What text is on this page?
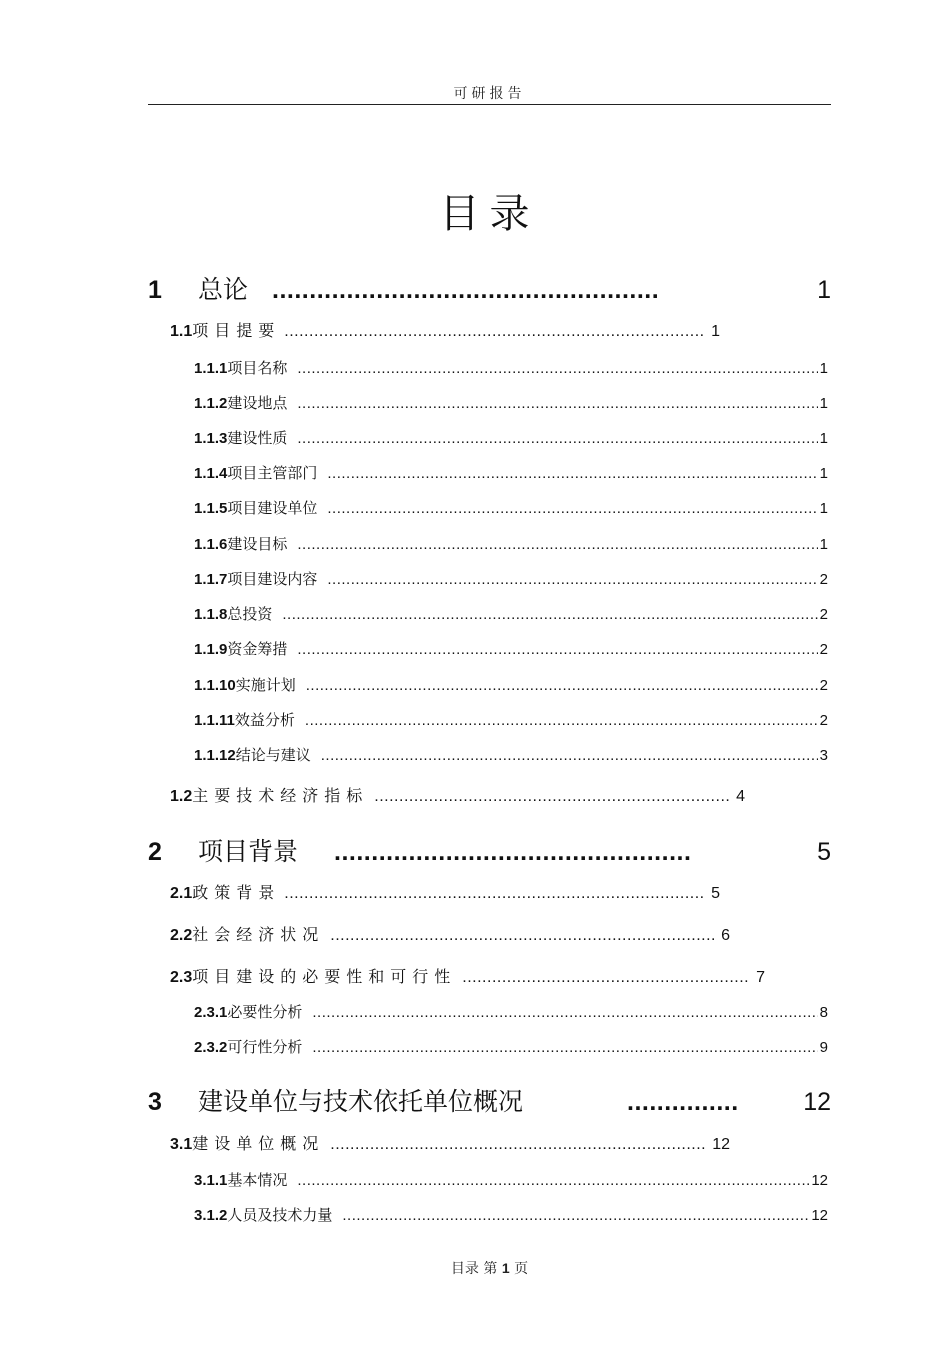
可研报告
目录
1	总论 ....................................................	1
1.1 项目提要 .....	1
1.1.1 项目名称 .....	1
1.1.2 建设地点 .....	1
1.1.3 建设性质 .....	1
1.1.4 项目主管部门 .....	1
1.1.5 项目建设单位 .....	1
1.1.6 建设目标 .....	1
1.1.7 项目建设内容 .....	2
1.1.8 总投资 .....	2
1.1.9 资金筹措 .....	2
1.1.10 实施计划 .....	2
1.1.11 效益分析 .....	2
1.1.12 结论与建议 .....	3
1.2 主要技术经济指标 .....	4
2	项目背景 ................................................	5
2.1 政策背景 .....	5
2.2 社会经济状况 .....	6
2.3 项目建设的必要性和可行性 .....	7
2.3.1 必要性分析 .....	8
2.3.2 可行性分析 .....	9
3	建设单位与技术依托单位概况	...............	12
3.1 建设单位概况 .....	12
3.1.1 基本情况 .....	12
3.1.2 人员及技术力量 .....	12
目录 第 1 页
